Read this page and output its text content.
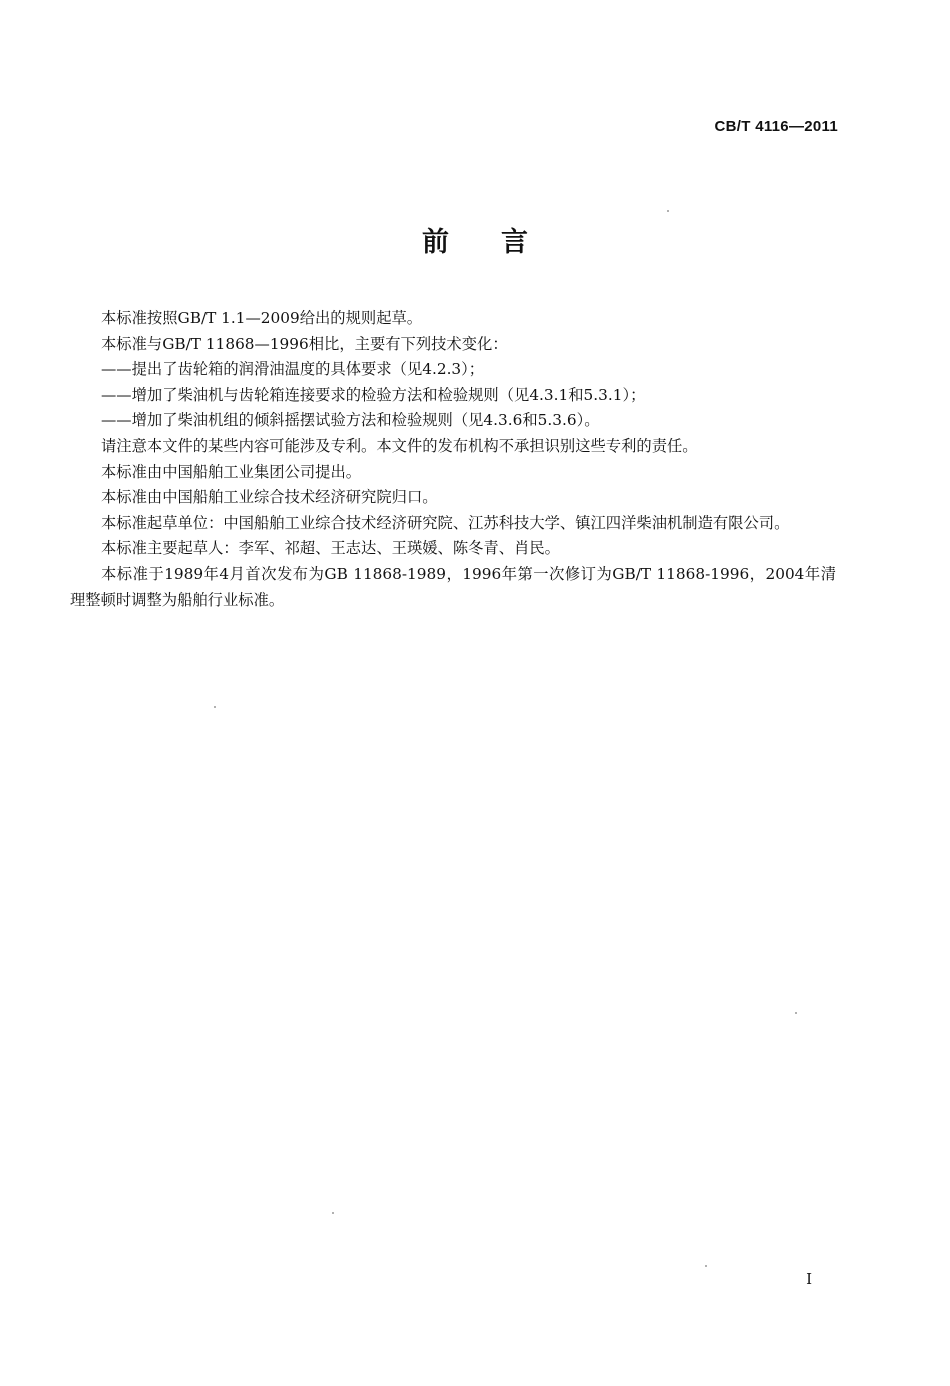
CB/T 4116—2011
前 言

本标准按照GB/T 1.1—2009给出的规则起草。

本标准与GB/T 11868—1996相比，主要有下列技术变化：

——提出了齿轮箱的润滑油温度的具体要求（见4.2.3）；

——增加了柴油机与齿轮箱连接要求的检验方法和检验规则（见4.3.1和5.3.1）；

——增加了柴油机组的倾斜摇摆试验方法和检验规则（见4.3.6和5.3.6）。

请注意本文件的某些内容可能涉及专利。本文件的发布机构不承担识别这些专利的责任。

本标准由中国船舶工业集团公司提出。

本标准由中国船舶工业综合技术经济研究院归口。

本标准起草单位：中国船舶工业综合技术经济研究院、江苏科技大学、镇江四洋柴油机制造有限公司。

本标准主要起草人：李军、祁超、王志达、王瑛媛、陈冬青、肖民。

本标准于1989年4月首次发布为GB 11868-1989，1996年第一次修订为GB/T 11868-1996，2004年清理整顿时调整为船舶行业标准。

I
